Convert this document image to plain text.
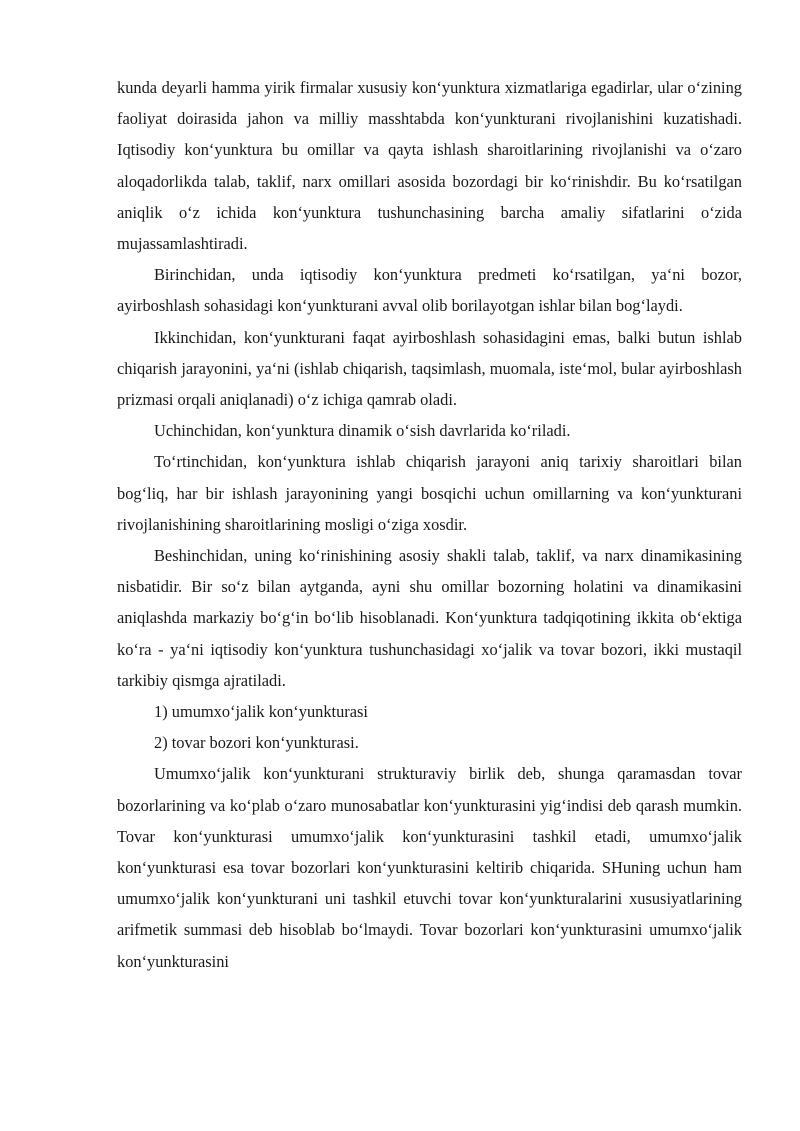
kunda deyarli hamma yirik firmalar xususiy kon‘yunktura xizmatlariga egadirlar, ular o‘zining faoliyat doirasida jahon va milliy masshtabda kon‘yunkturani rivojlanishini kuzatishadi. Iqtisodiy kon‘yunktura bu omillar va qayta ishlash sharoitlarining rivojlanishi va o‘zaro aloqadorlikda talab, taklif, narx omillari asosida bozordagi bir ko‘rinishdir. Bu ko‘rsatilgan aniqlik o‘z ichida kon‘yunktura tushunchasining barcha amaliy sifatlarini o‘zida mujassamlashtiradi.

Birinchidan, unda iqtisodiy kon‘yunktura predmeti ko‘rsatilgan, ya‘ni bozor, ayirboshlash sohasidagi kon‘yunkturani avval olib borilayotgan ishlar bilan bog‘laydi.

Ikkinchidan, kon‘yunkturani faqat ayirboshlash sohasidagini emas, balki butun ishlab chiqarish jarayonini, ya‘ni (ishlab chiqarish, taqsimlash, muomala, iste‘mol, bular ayirboshlash prizmasi orqali aniqlanadi) o‘z ichiga qamrab oladi.

Uchinchidan, kon‘yunktura dinamik o‘sish davrlarida ko‘riladi.

To‘rtinchidan, kon‘yunktura ishlab chiqarish jarayoni aniq tarixiy sharoitlari bilan bog‘liq, har bir ishlash jarayonining yangi bosqichi uchun omillarning va kon‘yunkturani rivojlanishining sharoitlarining mosligi o‘ziga xosdir.

Beshinchidan, uning ko‘rinishining asosiy shakli talab, taklif, va narx dinamikasining nisbatidir. Bir so‘z bilan aytganda, ayni shu omillar bozorning holatini va dinamikasini aniqlashda markaziy bo‘g‘in bo‘lib hisoblanadi. Kon‘yunktura tadqiqotining ikkita ob‘ektiga ko‘ra - ya‘ni iqtisodiy kon‘yunktura tushunchasidagi xo‘jalik va tovar bozori, ikki mustaqil tarkibiy qismga ajratiladi.

1) umumxo‘jalik kon‘yunkturasi

2) tovar bozori kon‘yunkturasi.

Umumxo‘jalik kon‘yunkturani strukturaviy birlik deb, shunga qaramasdan tovar bozorlarining va ko‘plab o‘zaro munosabatlar kon‘yunkturasini yig‘indisi deb qarash mumkin. Tovar kon‘yunkturasi umumxo‘jalik kon‘yunkturasini tashkil etadi, umumxo‘jalik kon‘yunkturasi esa tovar bozorlari kon‘yunkturasini keltirib chiqarida. SHuning uchun ham umumxo‘jalik kon‘yunkturani uni tashkil etuvchi tovar kon‘yunkturalarini xususiyatlarining arifmetik summasi deb hisoblab bo‘lmaydi. Tovar bozorlari kon‘yunkturasini umumxo‘jalik kon‘yunkturasini
